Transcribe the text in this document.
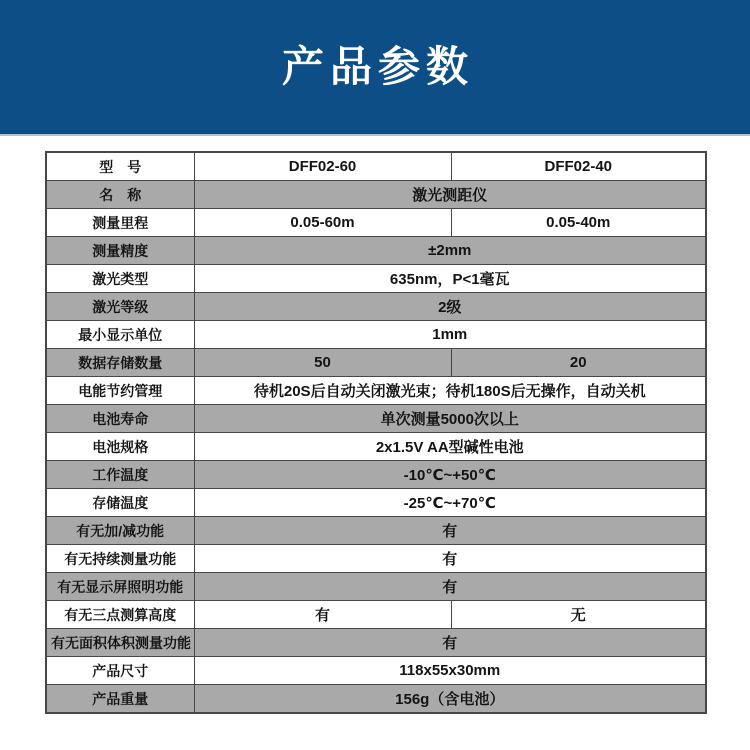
产品参数
型　号	DFF02-60	DFF02-40
名　称	激光测距仪	
测量里程	0.05-60m	0.05-40m
测量精度	±2mm	
激光类型	635nm，P<1毫瓦	
激光等级	2级	
最小显示单位	1mm	
数据存储数量	50	20
电能节约管理	待机20S后自动关闭激光束；待机180S后无操作，自动关机	
电池寿命	单次测量5000次以上	
电池规格	2x1.5V AA型碱性电池	
工作温度	-10℃~+50℃	
存储温度	-25℃~+70℃	
有无加/减功能	有	
有无持续测量功能	有	
有无显示屏照明功能	有	
有无三点测算高度	有	无
有无面积体积测量功能	有	
产品尺寸	118x55x30mm	
产品重量	156g（含电池）	
